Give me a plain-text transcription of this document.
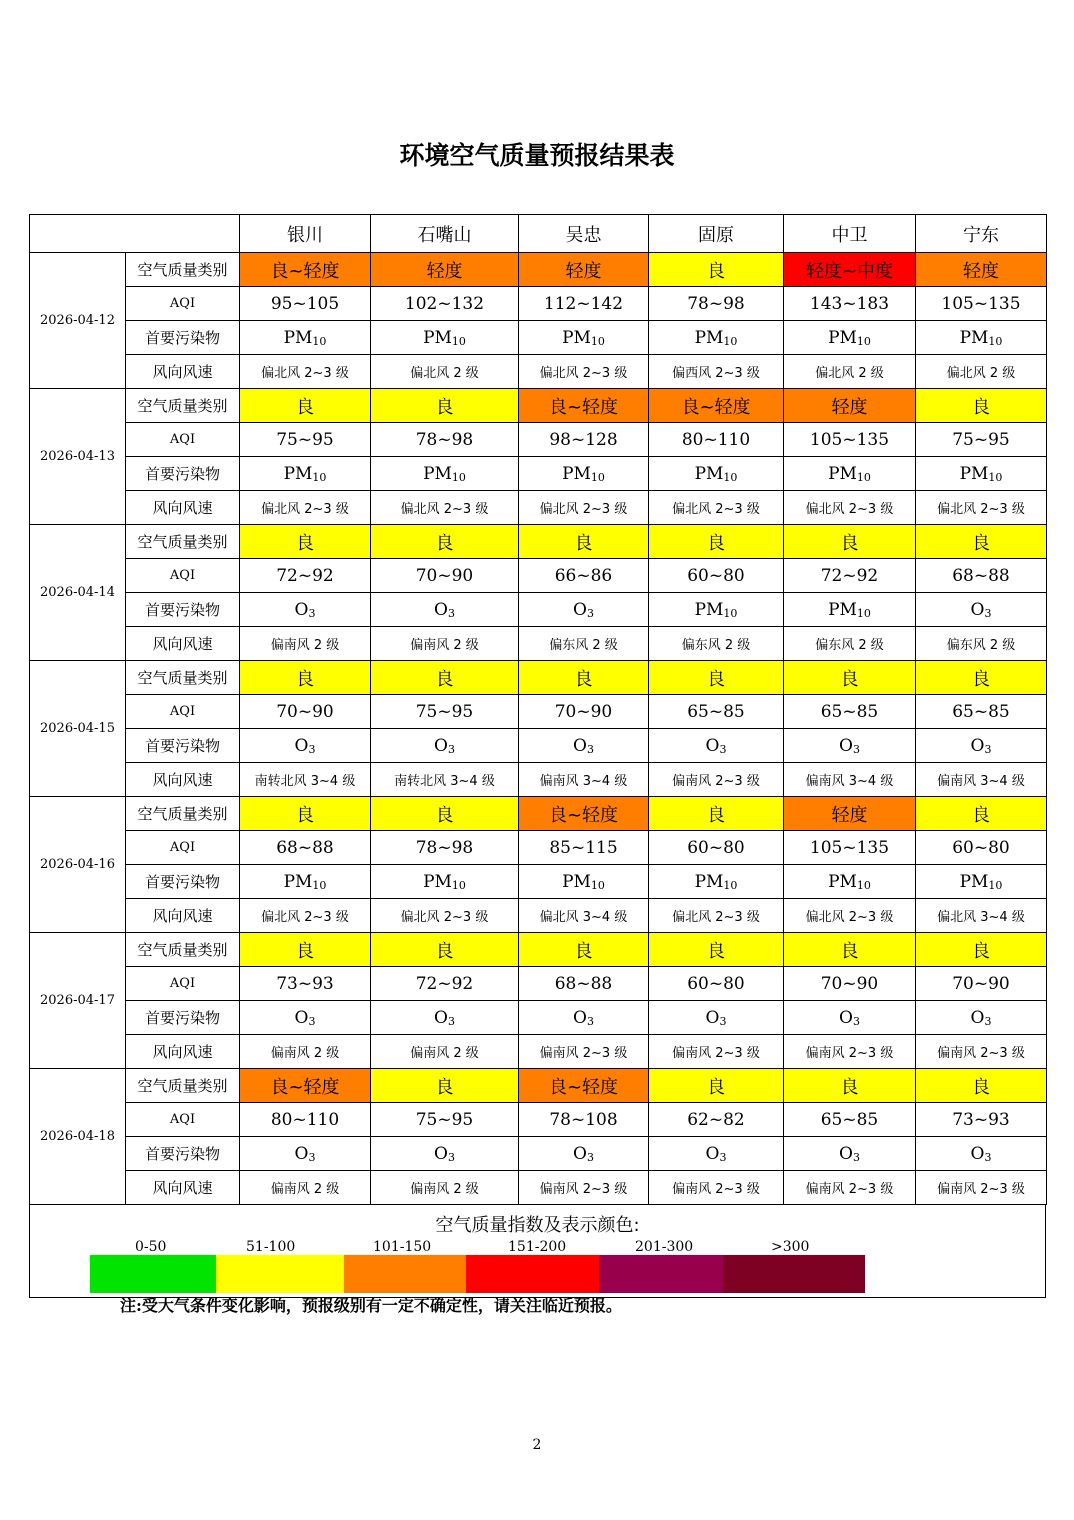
环境空气质量预报结果表
		银川	石嘴山	吴忠	固原	中卫	宁东
2026-04-12	空气质量类别	良~轻度	轻度	轻度	良	轻度~中度	轻度
	AQI	95~105	102~132	112~142	78~98	143~183	105~135
	首要污染物	$PM_{10}$	$PM_{10}$	$PM_{10}$	$PM_{10}$	$PM_{10}$	$PM_{10}$
	风向风速	偏北风 2~3 级	偏北风 2 级	偏北风 2~3 级	偏西风 2~3 级	偏北风 2 级	偏北风 2 级
2026-04-13	空气质量类别	良	良	良~轻度	良~轻度	轻度	良
	AQI	75~95	78~98	98~128	80~110	105~135	75~95
	首要污染物	$PM_{10}$	$PM_{10}$	$PM_{10}$	$PM_{10}$	$PM_{10}$	$PM_{10}$
	风向风速	偏北风 2~3 级	偏北风 2~3 级	偏北风 2~3 级	偏北风 2~3 级	偏北风 2~3 级	偏北风 2~3 级
2026-04-14	空气质量类别	良	良	良	良	良	良
	AQI	72~92	70~90	66~86	60~80	72~92	68~88
	首要污染物	$O_3$	$O_3$	$O_3$	$PM_{10}$	$PM_{10}$	$O_3$
	风向风速	偏南风 2 级	偏南风 2 级	偏东风 2 级	偏东风 2 级	偏东风 2 级	偏东风 2 级
2026-04-15	空气质量类别	良	良	良	良	良	良
	AQI	70~90	75~95	70~90	65~85	65~85	65~85
	首要污染物	$O_3$	$O_3$	$O_3$	$O_3$	$O_3$	$O_3$
	风向风速	南转北风 3~4 级	南转北风 3~4 级	偏南风 3~4 级	偏南风 2~3 级	偏南风 3~4 级	偏南风 3~4 级
2026-04-16	空气质量类别	良	良	良~轻度	良	轻度	良
	AQI	68~88	78~98	85~115	60~80	105~135	60~80
	首要污染物	$PM_{10}$	$PM_{10}$	$PM_{10}$	$PM_{10}$	$PM_{10}$	$PM_{10}$
	风向风速	偏北风 2~3 级	偏北风 2~3 级	偏北风 3~4 级	偏北风 2~3 级	偏北风 2~3 级	偏北风 3~4 级
2026-04-17	空气质量类别	良	良	良	良	良	良
	AQI	73~93	72~92	68~88	60~80	70~90	70~90
	首要污染物	$O_3$	$O_3$	$O_3$	$O_3$	$O_3$	$O_3$
	风向风速	偏南风 2 级	偏南风 2 级	偏南风 2~3 级	偏南风 2~3 级	偏南风 2~3 级	偏南风 2~3 级
2026-04-18	空气质量类别	良~轻度	良	良~轻度	良	良	良
	AQI	80~110	75~95	78~108	62~82	65~85	73~93
	首要污染物	$O_3$	$O_3$	$O_3$	$O_3$	$O_3$	$O_3$
	风向风速	偏南风 2 级	偏南风 2 级	偏南风 2~3 级	偏南风 2~3 级	偏南风 2~3 级	偏南风 2~3 级
空气质量指数及表示颜色:
0-50	51-100	101-150	151-200	201-300	>300
注:受大气条件变化影响，预报级别有一定不确定性，请关注临近预报。
2
